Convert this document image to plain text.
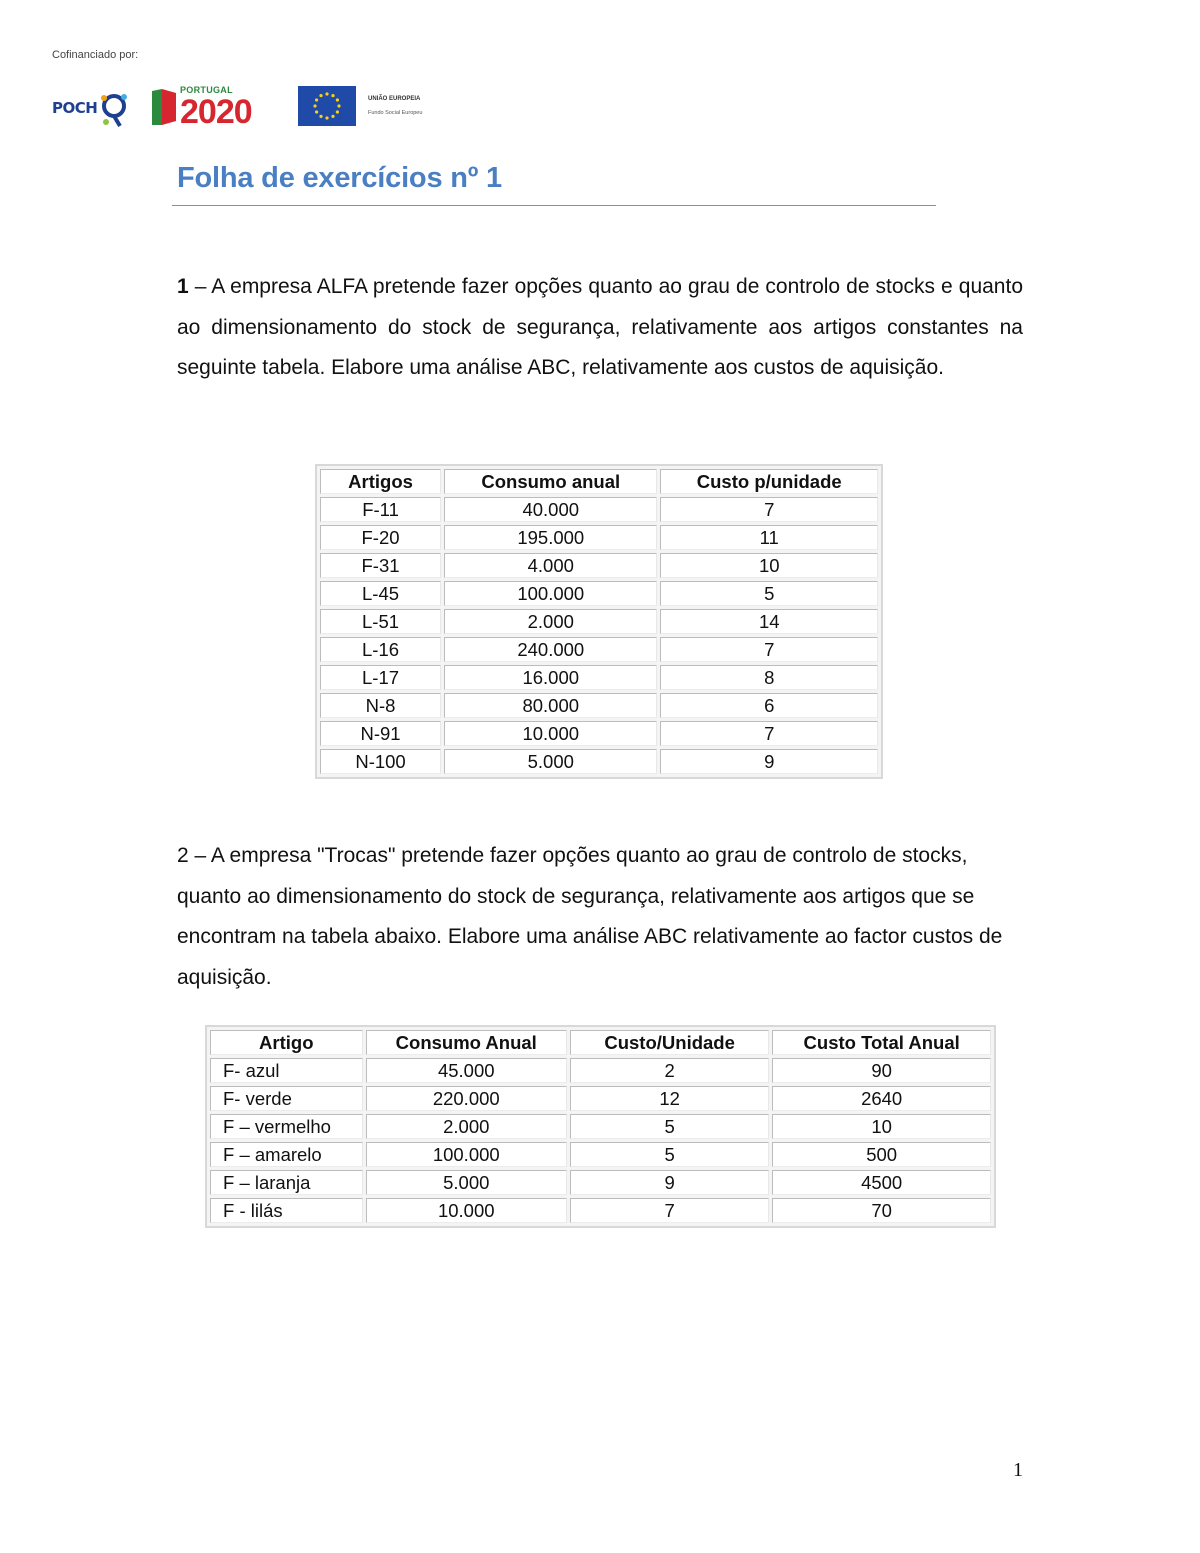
Cofinanciado por:
POCH
PORTUGAL
2020	UNIÃO EUROPEIA
Fundo Social Europeu
Folha de exercícios nº 1

1 – A empresa ALFA pretende fazer opções quanto ao grau de controlo de stocks e quanto ao dimensionamento do stock de segurança, relativamente aos artigos constantes na seguinte tabela. Elabore uma análise ABC, relativamente aos custos de aquisição.

Artigos	Consumo anual	Custo p/unidade
F-11	40.000	7
F-20	195.000	11
F-31	4.000	10
L-45	100.000	5
L-51	2.000	14
L-16	240.000	7
L-17	16.000	8
N-8	80.000	6
N-91	10.000	7
N-100	5.000	9

2 – A empresa "Trocas" pretende fazer opções quanto ao grau de controlo de stocks, quanto ao dimensionamento do stock de segurança, relativamente aos artigos que se encontram na tabela abaixo. Elabore uma análise ABC relativamente ao factor custos de aquisição.

Artigo	Consumo Anual	Custo/Unidade	Custo Total Anual
F- azul	45.000	2	90
F- verde	220.000	12	2640
F – vermelho	2.000	5	10
F – amarelo	100.000	5	500
F – laranja	5.000	9	4500
F - lilás	10.000	7	70
1
